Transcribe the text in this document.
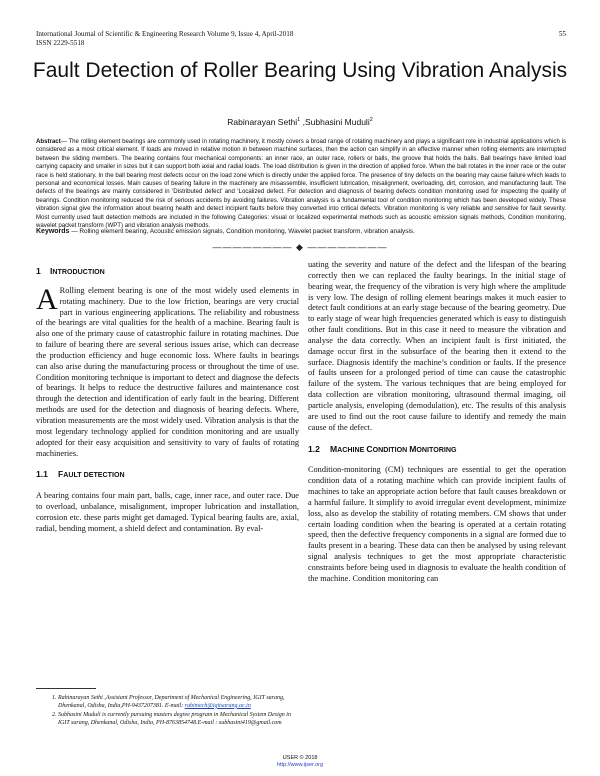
International Journal of Scientific & Engineering Research Volume 9, Issue 4, April-2018
ISSN 2229-5518
55
Fault Detection of Roller Bearing Using Vibration Analysis
Rabinarayan Sethi$^1$ ,Subhasini Muduli$^2$
Abstract— The rolling element bearings are commonly used in rotating machinery, it mostly covers a broad range of rotating machinery and plays a significant role in industrial applications which is considered as a most critical element. If loads are moved in relative motion in between machine surfaces, then the action can simplify in an effective manner when rolling elements are interrupted between the sliding members. The bearing contains four mechanical components: an inner race, an outer race, rollers or balls, the groove that holds the balls. Ball bearings have limited load carrying capacity and smaller in sizes but it can support both axial and radial loads. The load distribution is given in the direction of applied force. When the ball rotates in the inner race or the outer race is held stationary. In the ball bearing most defects occur on the load zone which is directly under the applied force. The presence of tiny defects on the bearing may cause failure which leads to personal and economical losses. Main causes of bearing failure in the machinery are misassemble, insufficient lubrication, misalignment, overloading, dirt, corrosion, and manufacturing fault. The defects of the bearings are mainly considered in ‘Distributed defect’ and ‘Localized defect. For detection and diagnosis of bearing defects condition monitoring used for inspecting the quality of bearings. Condition monitoring reduced the risk of serious accidents by avoiding failures. Vibration analysis is a fundamental tool of condition monitoring which has been developed widely. These vibration signal give the information about bearing health and detect incipient faults before they converted into critical defects. Vibration monitoring is very reliable and sensitive for fault severity. Most currently used fault detection methods are included in the following Categories: visual or localized experimental methods such as acoustic emission signals methods, Condition monitoring, wavelet packet transform (WPT) and vibration analysis methods.
Keywords — Rolling element bearing, Acoustic emission signals, Condition monitoring, Wavelet packet transform, vibration analysis.
———————— ◆ ————————
1 INTRODUCTION

A Rolling element bearing is one of the most widely used elements in rotating machinery. Due to the low friction, bearings are very crucial part in various engineering applications. The reliability and robustness of the bearings are vital qualities for the health of a machine. Bearing fault is also one of the primary cause of catastrophic failure in rotating machines. Due to failure of bearing there are several serious issues arise, which can decrease the production efficiency and huge economic loss. Where faults in bearings can also arise during the manufacturing process or throughout the time of use. Condition monitoring technique is important to detect and diagnose the defects of bearings. It helps to reduce the destructive failures and maintenance cost through the detection and identification of early fault in the bearing. Different methods are used for the detection and diagnosis of bearing defects. Where, vibration measurements are the most widely used. Vibration analysis is that the most legendary technology applied for condition monitoring and are usually adopted for their easy acquisition and sensitivity to vary of faults of rotating machineries.

1.1 FAULT DETECTION

A bearing contains four main part, balls, cage, inner race, and outer race. Due to overload, unbalance, misalignment, improper lubrication and installation, corrosion etc. these parts might get damaged. Typical bearing faults are, axial, radial, bending moment, a shield defect and contamination. By eval-

uating the severity and nature of the defect and the lifespan of the bearing correctly then we can replaced the faulty bearings. In the initial stage of bearing wear, the frequency of the vibration is very high where the amplitude is very low. The design of rolling element bearings makes it much easier to detect fault conditions at an early stage because of the bearing geometry. Due to early stage of wear high frequencies generated which is easy to distinguish other fault conditions. But in this case it need to measure the vibration and analyse the data correctly. When an incipient fault is first initiated, the damage occur first in the subsurface of the bearing then it extend to the surface. Diagnosis identify the machine’s condition or faults. If the presence of faults unseen for a prolonged period of time can cause the catastrophic failure of the system. The various techniques that are being employed for data collection are vibration monitoring, ultrasound thermal imaging, oil particle analysis, enveloping (demodulation), etc. The results of this analysis are used to find out the root cause failure to identify and remedy the main cause of the defect.

1.2 MACHINE CONDITION MONITORING

Condition-monitoring (CM) techniques are essential to get the operation condition data of a rotating machine which can provide incipient faults of machines to take an appropriate action before that fault causes breakdown or a harmful failure. It simplify to avoid irregular event development, minimize loss, also as develop the stability of rotating members. CM shows that under certain loading condition when the bearing is operated at a certain rotating speed, then the defective frequency components in a signal are formed due to faults present in a bearing. These data can then be analysed by using relevant signal analysis techniques to get the most appropriate characteristic constraints before being used in diagnosis to evaluate the health condition of the machine. Condition monitoring can

1. Rabinarayan Sethi ,Assistant Professor, Department of Mechanical Engineering, IGIT sarang, Dhenkanal, Odisha, India,PH-9437207381. E-mail: rabimech@igitsarang.ac.in
2. Subhasini Muduli is currently pursuing masters degree program in Mechanical System Design in IGIT sarang, Dhenkanal, Odisha, India, PH-8763854748.E-mail : subhasini419@gmail.com
IJSER © 2018
http://www.ijser.org
